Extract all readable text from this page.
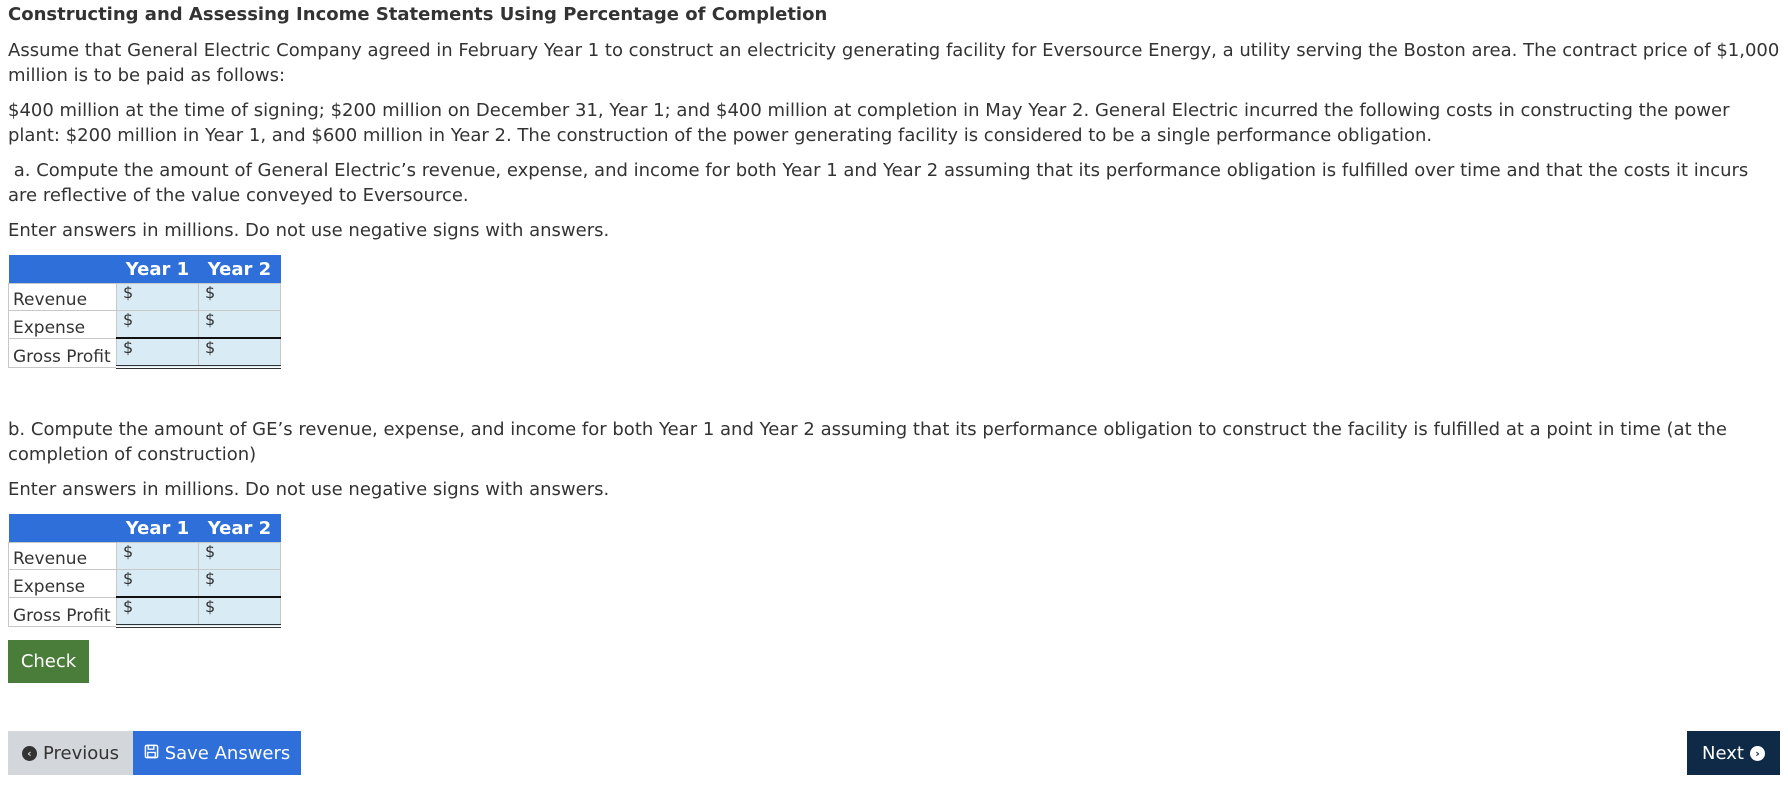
Constructing and Assessing Income Statements Using Percentage of Completion

Assume that General Electric Company agreed in February Year 1 to construct an electricity generating facility for Eversource Energy, a utility serving the Boston area. The contract price of $1,000 million is to be paid as follows:

$400 million at the time of signing; $200 million on December 31, Year 1; and $400 million at completion in May Year 2. General Electric incurred the following costs in constructing the power plant: $200 million in Year 1, and $600 million in Year 2. The construction of the power generating facility is considered to be a single performance obligation.

a. Compute the amount of General Electric’s revenue, expense, and income for both Year 1 and Year 2 assuming that its performance obligation is fulfilled over time and that the costs it incurs are reflective of the value conveyed to Eversource.

Enter answers in millions. Do not use negative signs with answers.

	Year 1	Year 2
Revenue	$	$

Expense	$	$

Gross Profit	$	$

b. Compute the amount of GE’s revenue, expense, and income for both Year 1 and Year 2 assuming that its performance obligation to construct the facility is fulfilled at a point in time (at the completion of construction)

Enter answers in millions. Do not use negative signs with answers.

	Year 1	Year 2
Revenue	$	$

Expense	$	$

Gross Profit	$	$
Check
‹ Previous	Save Answers	Next	›
